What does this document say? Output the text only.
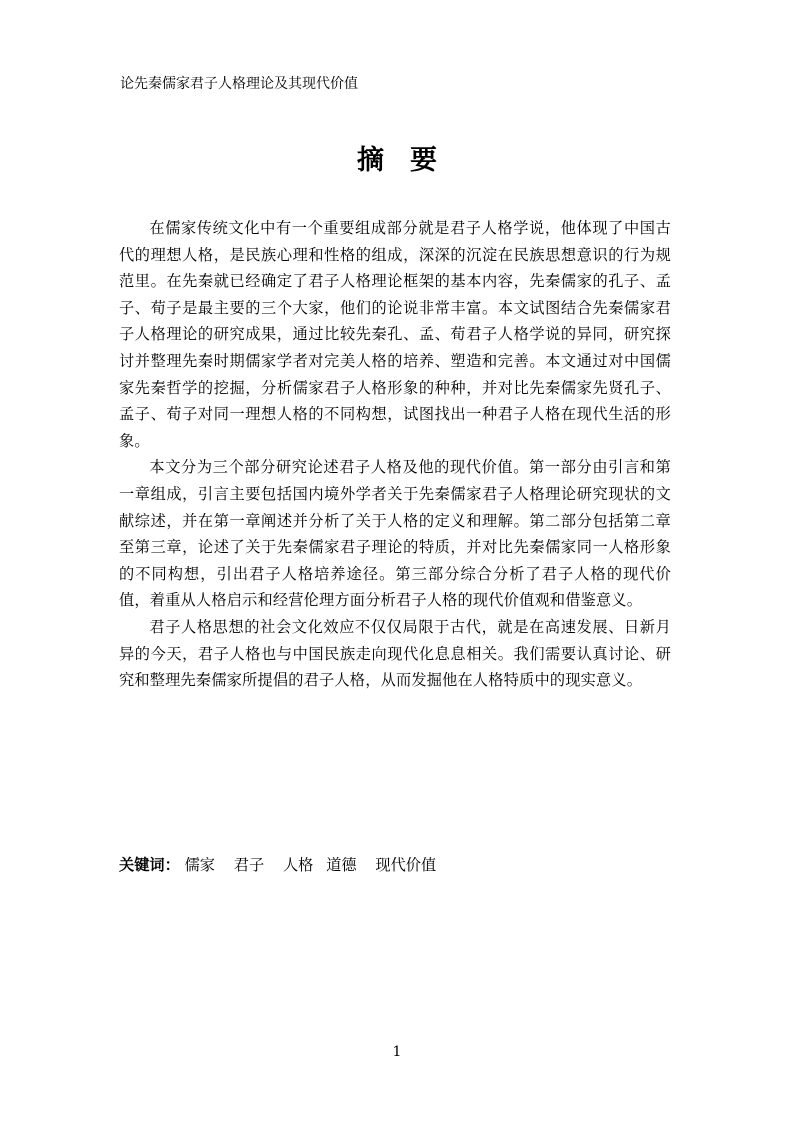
论先秦儒家君子人格理论及其现代价值
摘要

在儒家传统文化中有一个重要组成部分就是君子人格学说，他体现了中国古代的理想人格，是民族心理和性格的组成，深深的沉淀在民族思想意识的行为规范里。在先秦就已经确定了君子人格理论框架的基本内容，先秦儒家的孔子、孟子、荀子是最主要的三个大家，他们的论说非常丰富。本文试图结合先秦儒家君子人格理论的研究成果，通过比较先秦孔、孟、荀君子人格学说的异同，研究探讨并整理先秦时期儒家学者对完美人格的培养、塑造和完善。本文通过对中国儒家先秦哲学的挖掘，分析儒家君子人格形象的种种，并对比先秦儒家先贤孔子、孟子、荀子对同一理想人格的不同构想，试图找出一种君子人格在现代生活的形象。

本文分为三个部分研究论述君子人格及他的现代价值。第一部分由引言和第一章组成，引言主要包括国内境外学者关于先秦儒家君子人格理论研究现状的文献综述，并在第一章阐述并分析了关于人格的定义和理解。第二部分包括第二章至第三章，论述了关于先秦儒家君子理论的特质，并对比先秦儒家同一人格形象的不同构想，引出君子人格培养途径。第三部分综合分析了君子人格的现代价值，着重从人格启示和经营伦理方面分析君子人格的现代价值观和借鉴意义。

君子人格思想的社会文化效应不仅仅局限于古代，就是在高速发展、日新月异的今天，君子人格也与中国民族走向现代化息息相关。我们需要认真讨论、研究和整理先秦儒家所提倡的君子人格，从而发掘他在人格特质中的现实意义。

关键词： 儒家 君子 人格 道德 现代价值
1
